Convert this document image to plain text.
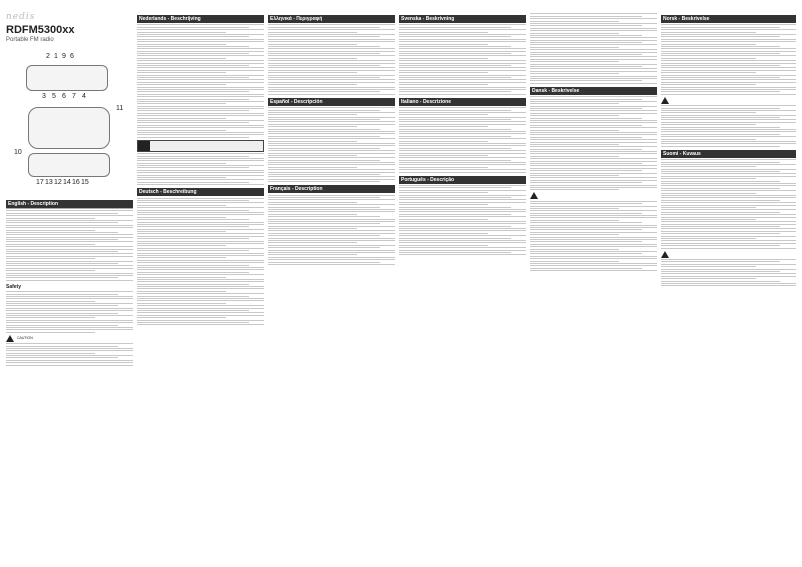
nedis
RDFM5300xx
Portable FM radio
2 1 9 6
3 5 6 7 4
11
10
17 13 12 14 16 15
English - Description
Safety
CAUTION
Nederlands - Beschrijving
Deutsch - Beschreibung
Ελληνικά - Περιγραφή
Español - Descripción
Français - Description
Svenska - Beskrivning
Italiano - Descrizione
Português - Descrição
Dansk - Beskrivelse
Norsk - Beskrivelse
Suomi - Kuvaus
